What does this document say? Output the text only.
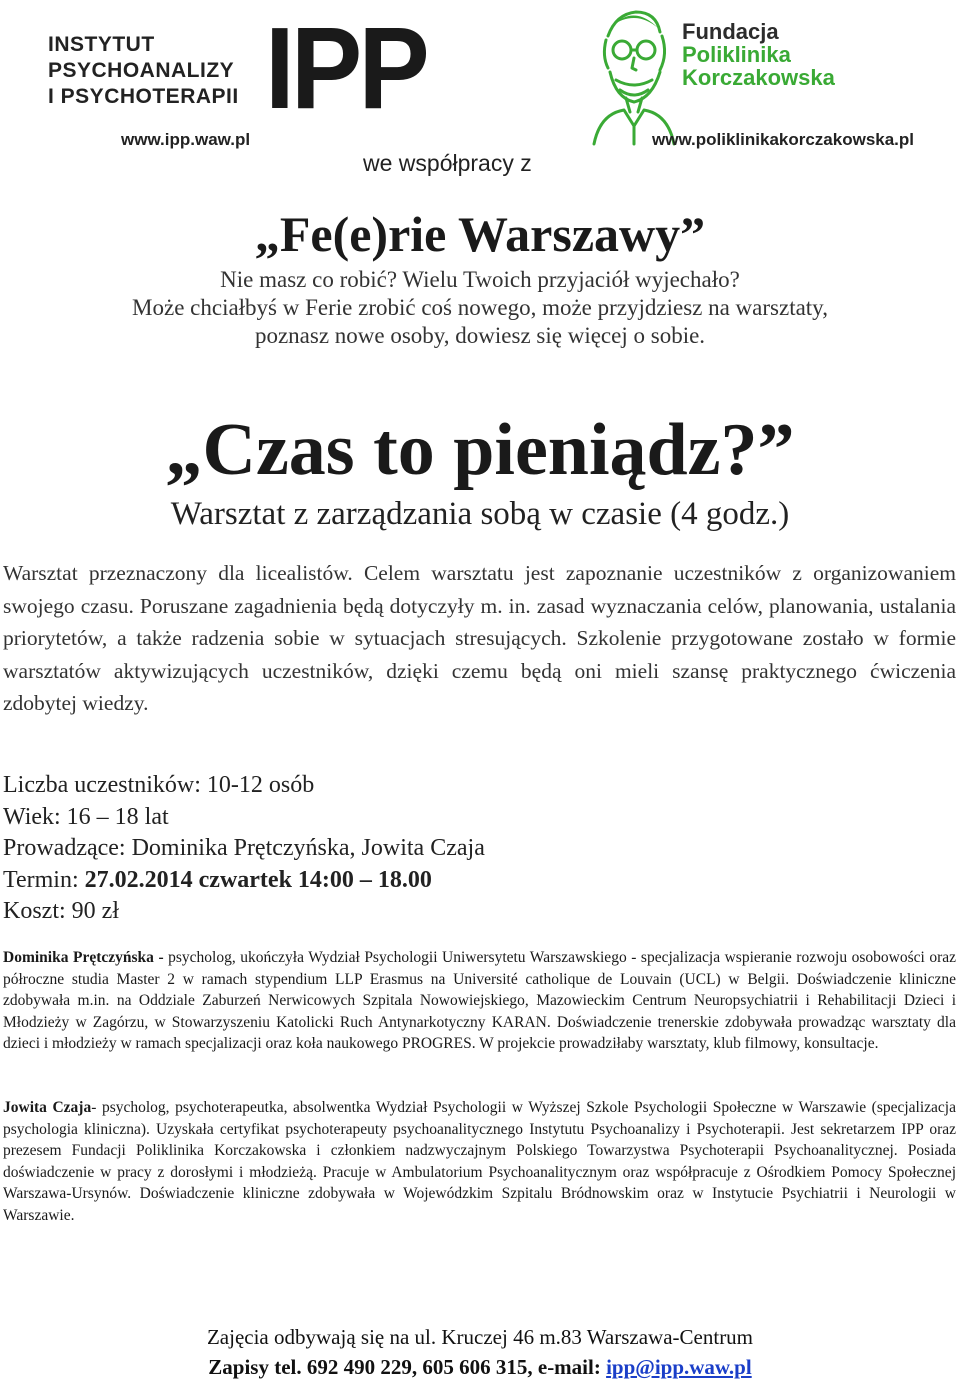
INSTYTUT
PSYCHOANALIZY
I PSYCHOTERAPII IPP
www.ipp.waw.pl
we współpracy z
Fundacja
Poliklinika
Korczakowska
www.poliklinikakorczakowska.pl
„Fe(e)rie Warszawy”
Nie masz co robić? Wielu Twoich przyjaciół wyjechało?
Może chciałbyś w Ferie zrobić coś nowego, może przyjdziesz na warsztaty,
poznasz nowe osoby, dowiesz się więcej o sobie.
„Czas to pieniądz?”
Warsztat z zarządzania sobą w czasie (4 godz.)
Warsztat przeznaczony dla licealistów. Celem warsztatu jest zapoznanie uczestników z organizowaniem swojego czasu. Poruszane zagadnienia będą dotyczyły m. in. zasad wyznaczania celów, planowania, ustalania priorytetów, a także radzenia sobie w sytuacjach stresujących. Szkolenie przygotowane zostało w formie warsztatów aktywizujących uczestników, dzięki czemu będą oni mieli szansę praktycznego ćwiczenia zdobytej wiedzy.
Liczba uczestników: 10-12 osób
Wiek: 16 – 18 lat
Prowadzące: Dominika Prętczyńska, Jowita Czaja
Termin: 27.02.2014 czwartek 14:00 – 18.00
Koszt: 90 zł
Dominika Prętczyńska - psycholog, ukończyła Wydział Psychologii Uniwersytetu Warszawskiego - specjalizacja wspieranie rozwoju osobowości oraz półroczne studia Master 2 w ramach stypendium LLP Erasmus na Université catholique de Louvain (UCL) w Belgii. Doświadczenie kliniczne zdobywała m.in. na Oddziale Zaburzeń Nerwicowych Szpitala Nowowiejskiego, Mazowieckim Centrum Neuropsychiatrii i Rehabilitacji Dzieci i Młodzieży w Zagórzu, w Stowarzyszeniu Katolicki Ruch Antynarkotyczny KARAN. Doświadczenie trenerskie zdobywała prowadząc warsztaty dla dzieci i młodzieży w ramach specjalizacji oraz koła naukowego PROGRES. W projekcie prowadziłaby warsztaty, klub filmowy, konsultacje.
Jowita Czaja- psycholog, psychoterapeutka, absolwentka Wydział Psychologii w Wyższej Szkole Psychologii Społeczne w Warszawie (specjalizacja psychologia kliniczna). Uzyskała certyfikat psychoterapeuty psychoanalitycznego Instytutu Psychoanalizy i Psychoterapii. Jest sekretarzem IPP oraz prezesem Fundacji Poliklinika Korczakowska i członkiem nadzwyczajnym Polskiego Towarzystwa Psychoterapii Psychoanalitycznej. Posiada doświadczenie w pracy z dorosłymi i młodzieżą. Pracuje w Ambulatorium Psychoanalitycznym oraz współpracuje z Ośrodkiem Pomocy Społecznej Warszawa-Ursynów. Doświadczenie kliniczne zdobywała w Wojewódzkim Szpitalu Bródnowskim oraz w Instytucie Psychiatrii i Neurologii w Warszawie.
Zajęcia odbywają się na ul. Kruczej 46 m.83 Warszawa-Centrum
Zapisy tel. 692 490 229, 605 606 315, e-mail: ipp@ipp.waw.pl
